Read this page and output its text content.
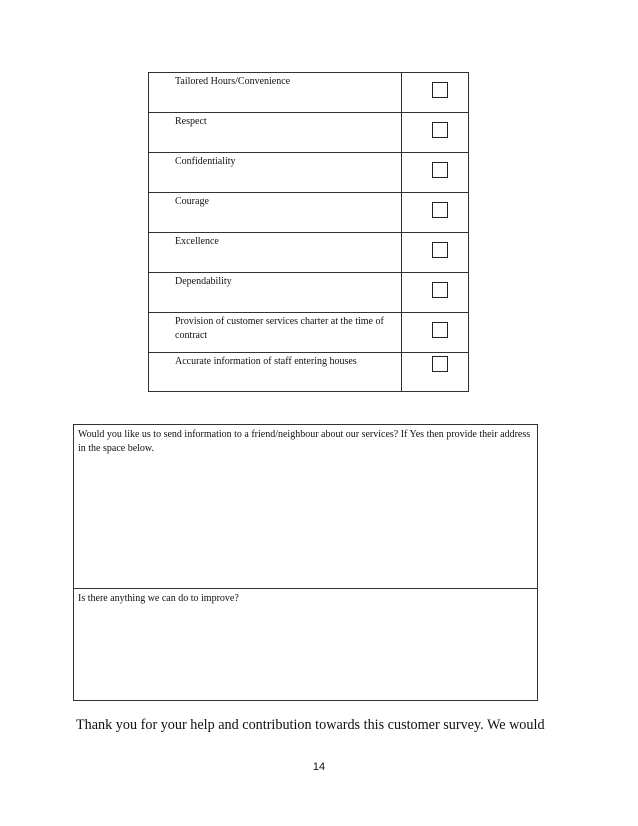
Tailored Hours/Convenience	

Respect	

Confidentiality	

Courage	

Excellence	

Dependability	

Provision of customer services charter at the time of contract	

Accurate information of staff entering houses	

Would you like us to send information to a friend/neighbour about our services? If Yes then provide their address in the space below.
Is there anything we can do to improve?
Thank you for your help and contribution towards this customer survey. We would
14
